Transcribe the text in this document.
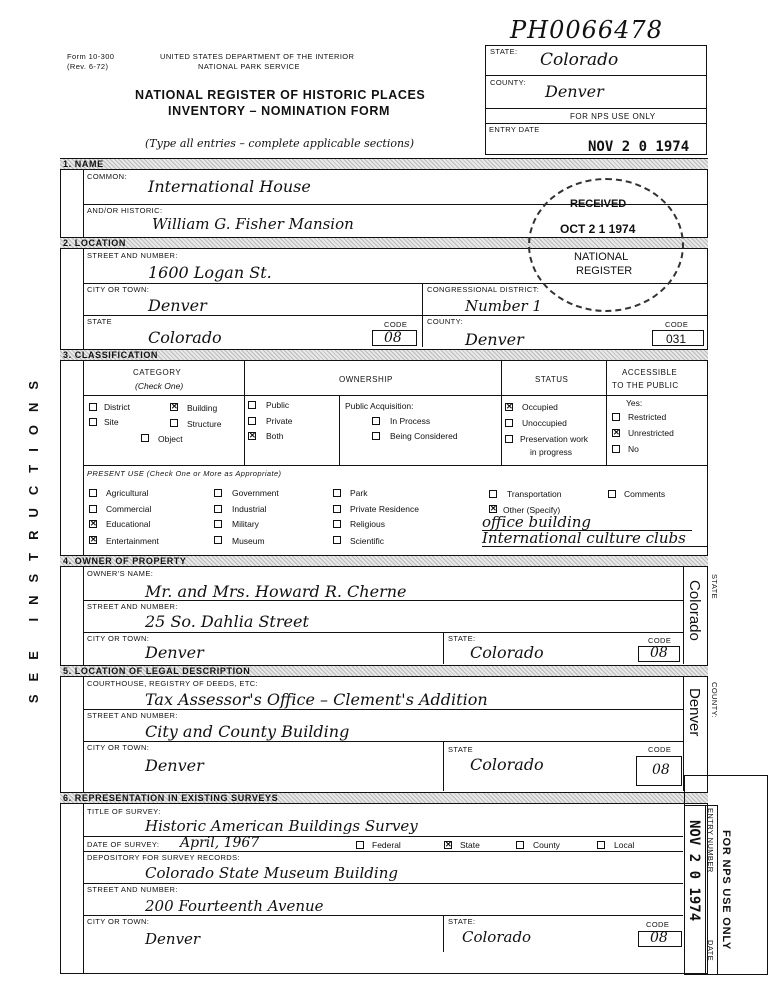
Form 10-300
(Rev. 6-72)
UNITED STATES DEPARTMENT OF THE INTERIOR
NATIONAL PARK SERVICE
NATIONAL REGISTER OF HISTORIC PLACES
INVENTORY – NOMINATION FORM
(Type all entries – complete applicable sections)
PH0066478
STATE: Colorado
COUNTY: Denver
FOR NPS USE ONLY
ENTRY DATE
NOV 2 0 1974
SEE INSTRUCTIONS
1. NAME
COMMON:
International House
AND/OR HISTORIC:
William G. Fisher Mansion
2. LOCATION
STREET AND NUMBER:
1600 Logan St.
CITY OR TOWN:
Denver
CONGRESSIONAL DISTRICT:
Number 1
STATE
Colorado
CODE
08
COUNTY:
Denver
CODE
031
RECEIVED
OCT 2 1 1974
NATIONAL
REGISTER
3. CLASSIFICATION
CATEGORY
(Check One)
OWNERSHIP	STATUS
ACCESSIBLE
TO THE PUBLIC
District ✕	Building
Site	Structure
Object
Public
Private
✕
Both
Public Acquisition:
In Process
Being Considered
✕
Occupied
Unoccupied
Preservation work
in progress
Yes:
Restricted
✕
Unrestricted
No
PRESENT USE (Check One or More as Appropriate)
Agricultural
Commercial
✕
Educational
✕
Entertainment
Government
Industrial
Military
Museum
Park
Private Residence
Religious
Scientific
Transportation	Comments
✕
Other (Specify)
office building
International culture clubs
4. OWNER OF PROPERTY
OWNER'S NAME:
Mr. and Mrs. Howard R. Cherne
STREET AND NUMBER:
25 So. Dahlia Street
CITY OR TOWN:
Denver
STATE:
Colorado
CODE
08
Colorado STATE
5. LOCATION OF LEGAL DESCRIPTION
COURTHOUSE, REGISTRY OF DEEDS, ETC:
Tax Assessor's Office – Clement's Addition
STREET AND NUMBER:
City and County Building
CITY OR TOWN:
Denver
STATE
Colorado
CODE
08
Denver COUNTY:
6. REPRESENTATION IN EXISTING SURVEYS
TITLE OF SURVEY:
Historic American Buildings Survey
DATE OF SURVEY: April, 1967	Federal ✕	State	County	Local
DEPOSITORY FOR SURVEY RECORDS:
Colorado State Museum Building
STREET AND NUMBER:
200 Fourteenth Avenue
CITY OR TOWN:
Denver
STATE:
Colorado
CODE
08
ENTRY NUMBER
DATE
FOR NPS USE ONLY
NOV 2 0 1974
